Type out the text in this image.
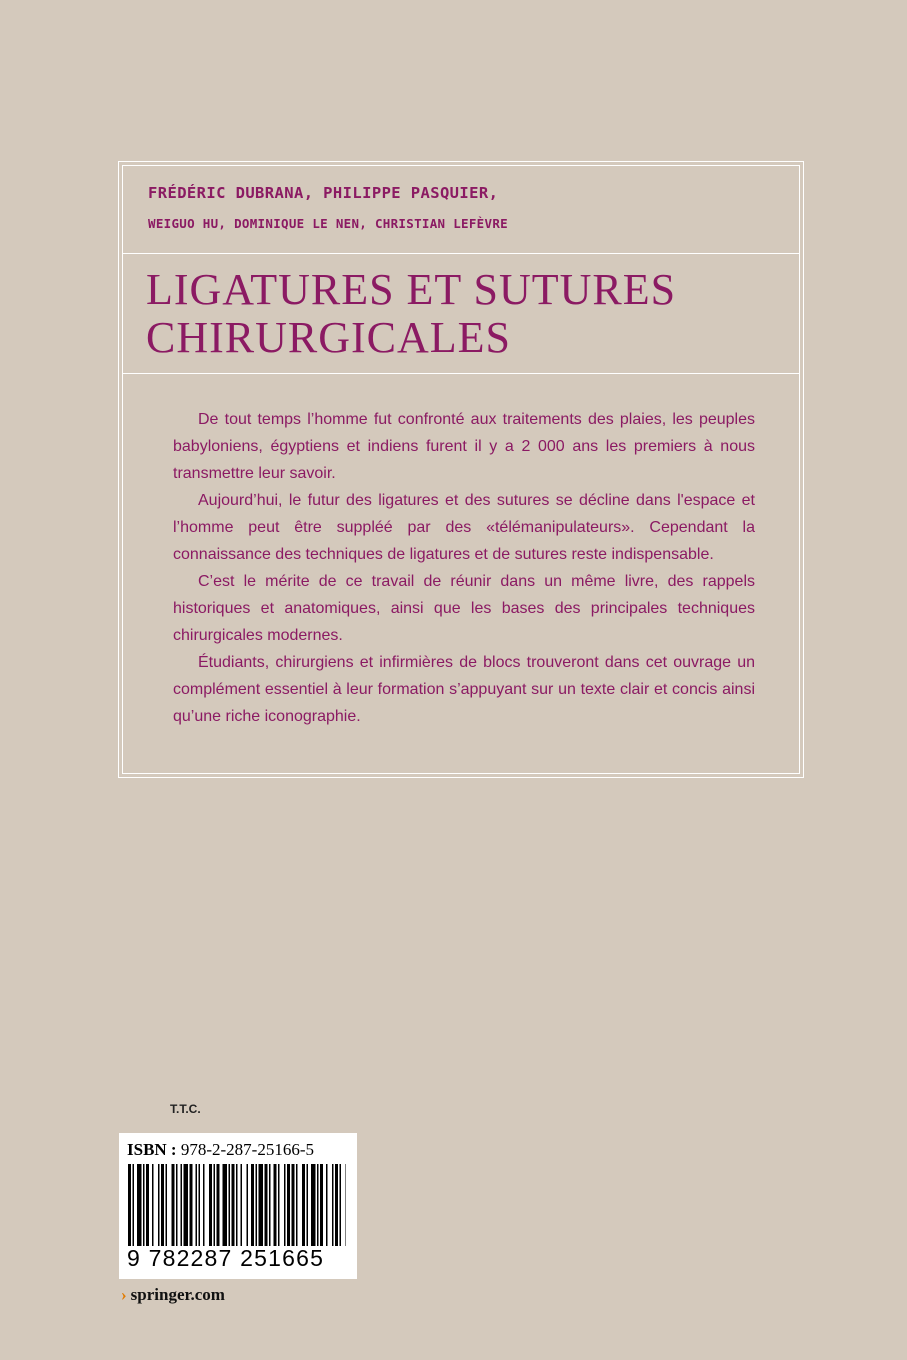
FRÉDÉRIC DUBRANA, PHILIPPE PASQUIER,
WEIGUO HU, DOMINIQUE LE NEN, CHRISTIAN LEFÈVRE
LIGATURES ET SUTURES
CHIRURGICALES

De tout temps l’homme fut confronté aux traitements des plaies, les peuples babyloniens, égyptiens et indiens furent il y a 2 000 ans les premiers à nous transmettre leur savoir.

Aujourd’hui, le futur des ligatures et des sutures se décline dans l'espace et l’homme peut être suppléé par des «télémanipulateurs». Cependant la connaissance des techniques de ligatures et de sutures reste indispensable.

C’est le mérite de ce travail de réunir dans un même livre, des rappels historiques et anatomiques, ainsi que les bases des principales techniques chirurgicales modernes.

Étudiants, chirurgiens et infirmières de blocs trouveront dans cet ouvrage un complément essentiel à leur formation s’appuyant sur un texte clair et concis ainsi qu’une riche iconographie.

T.T.C.
ISBN : 978-2-287-25166-5
9 782287 251665
› springer.com
